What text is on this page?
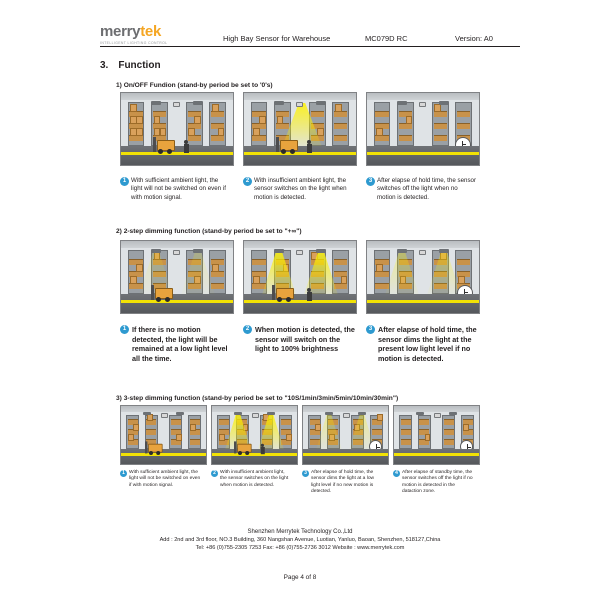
merrytek
INTELLIGENT LIGHTING CONTROL	High Bay Sensor for Warehouse	MC079D RC	Version: A0
3. Function
1) On/OFF Fundion (stand-by period be set to '0's)
1 With sufficient ambient light, the light will not be switched on even if with motion signal.
2 With insufficient ambient light, the sensor switches on the light when motion is detected.
3 After elapse of hold time, the sensor switches off the light when no motion is detected.
2) 2-step dimming function (stand-by period be set to "+∞")
1 If there is no motion detected, the light will be remained at a low light level all the time.
2 When motion is detected, the sensor will switch on the light to 100% brightness
3 After elapse of hold time, the sensor dims the light at the present low light level if no motion is detected.
3) 3-step dimming function (stand-by period be set to "10S/1min/3min/5min/10min/30min")
1 With sufficient ambient light, the light will not be switched on even if with motion signal.
2 With insufficient ambient light, the sensor switches on the light when motion is detected.
3 After elapse of hold time, the sensor dims the light at a low light level if no new motion is detected.
4 After elapse of standby time, the sensor switches off the light if no motion is detected in the dataction zone.
Shenzhen Merrytek Technology Co.,Ltd
Add : 2nd and 3rd floor, NO.3 Building, 360 Nangshan Avenue, Luotian, Yanluo, Baoan, Shenzhen, 518127,China
Tel: +86 (0)755-2305 7253 Fax: +86 (0)755-2736 3012 Website : www.merrytek.com
Page 4 of 8
